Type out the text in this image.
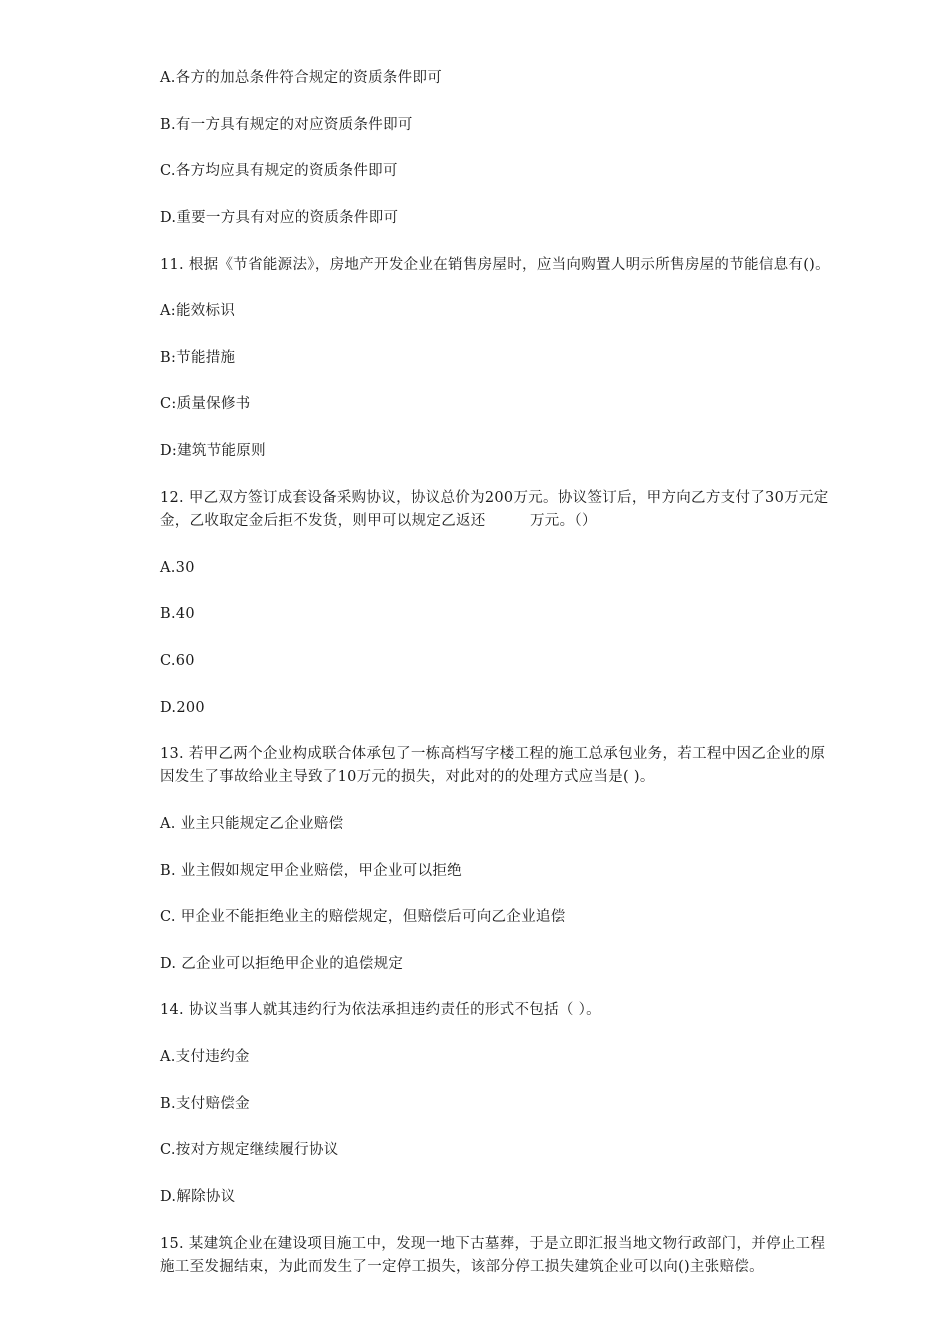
A.各方的加总条件符合规定的资质条件即可
B.有一方具有规定的对应资质条件即可
C.各方均应具有规定的资质条件即可
D.重要一方具有对应的资质条件即可
11. 根据《节省能源法》，房地产开发企业在销售房屋时，应当向购置人明示所售房屋的节能信息有()。
A:能效标识
B:节能措施
C:质量保修书
D:建筑节能原则
12. 甲乙双方签订成套设备采购协议，协议总价为200万元。协议签订后，甲方向乙方支付了30万元定
金，乙收取定金后拒不发货，则甲可以规定乙返还　　　万元。（）
A.30
B.40
C.60
D.200
13. 若甲乙两个企业构成联合体承包了一栋高档写字楼工程的施工总承包业务，若工程中因乙企业的原
因发生了事故给业主导致了10万元的损失，对此对的的处理方式应当是( )。
A. 业主只能规定乙企业赔偿
B. 业主假如规定甲企业赔偿，甲企业可以拒绝
C. 甲企业不能拒绝业主的赔偿规定，但赔偿后可向乙企业追偿
D. 乙企业可以拒绝甲企业的追偿规定
14. 协议当事人就其违约行为依法承担违约责任的形式不包括（ ）。
A.支付违约金
B.支付赔偿金
C.按对方规定继续履行协议
D.解除协议
15. 某建筑企业在建设项目施工中，发现一地下古墓葬，于是立即汇报当地文物行政部门，并停止工程
施工至发掘结束，为此而发生了一定停工损失，该部分停工损失建筑企业可以向()主张赔偿。
